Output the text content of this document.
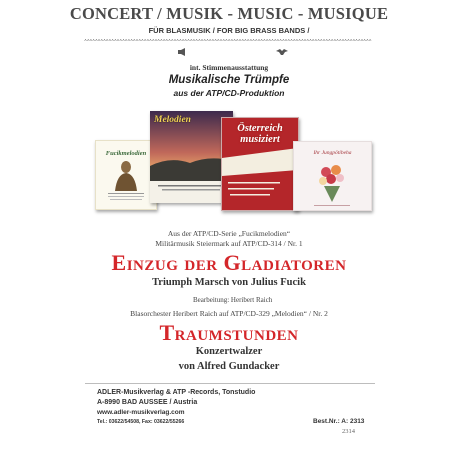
CONCERT / MUSIK - MUSIC - MUSIQUE
FÜR BLASMUSIK / FOR BIG BRASS BANDS /
int. Stimmenausstattung
Musikalische Trümpfe
aus der ATP/CD-Produktion
Fucikmelodien
Melodien
Österreich musiziert
Ihr Jungpötibeha
Aus der ATP/CD-Serie „Fucikmelodien“
Militärmusik Steiermark auf ATP/CD-314 / Nr. 1
Einzug der Gladiatoren
Triumph Marsch von Julius Fucik
Bearbeitung: Heribert Raich
Blasorchester Heribert Raich auf ATP/CD-329 „Melodien“ / Nr. 2
Traumstunden
Konzertwalzer
von Alfred Gundacker
ADLER-Musikverlag & ATP -Records, Tonstudio
A-8990 BAD AUSSEE / Austria
www.adler-musikverlag.com
Tel.: 03622/54508, Fax: 03622/55266	Best.Nr.: A: 2313
2314
